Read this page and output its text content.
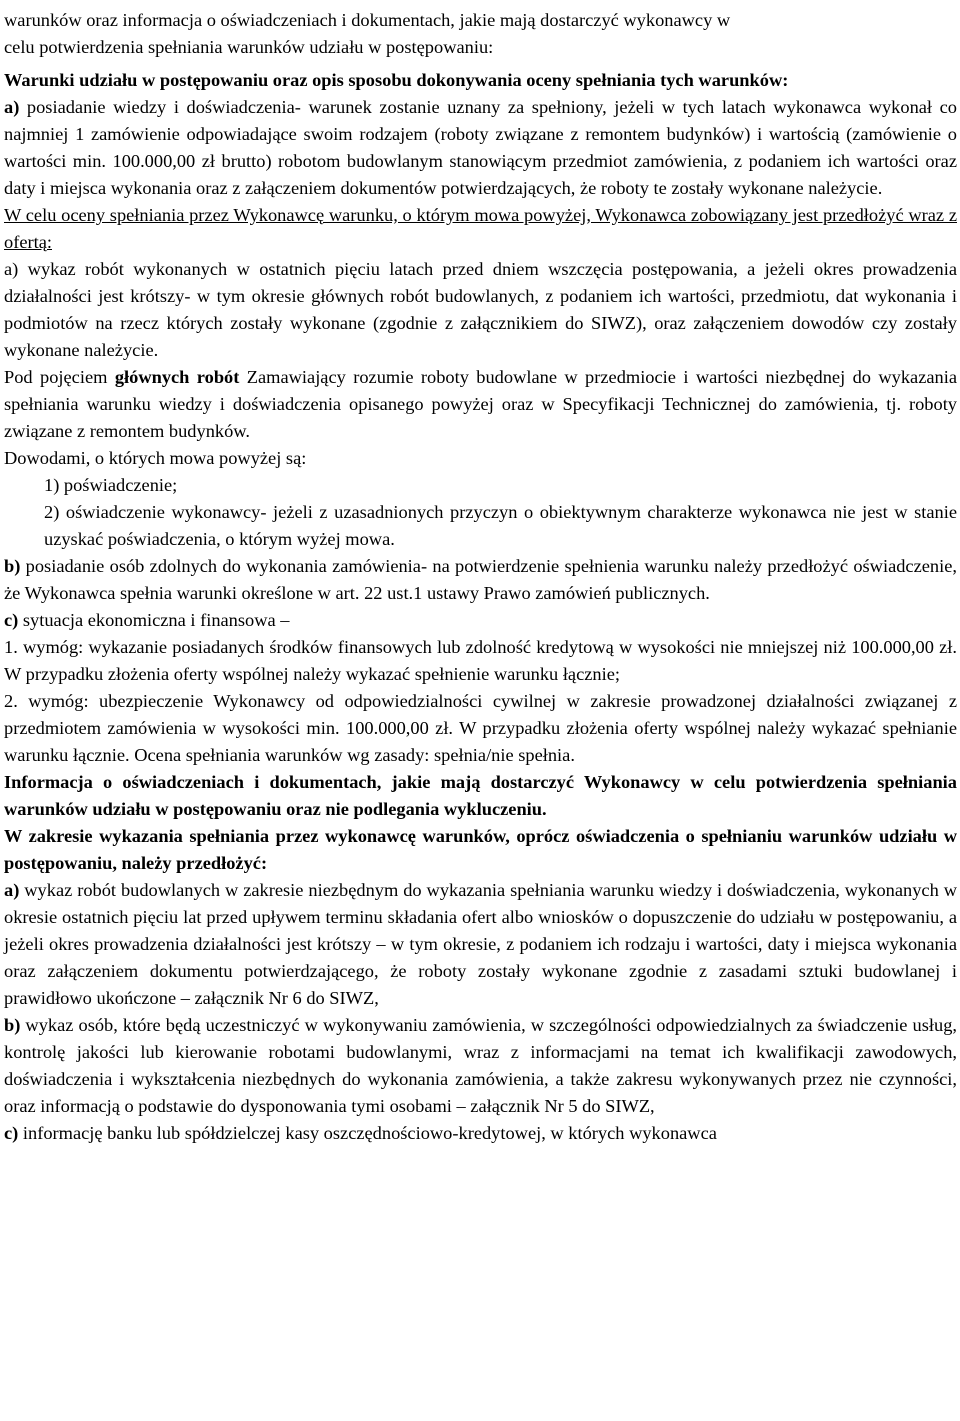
warunków oraz informacja o oświadczeniach i dokumentach, jakie mają dostarczyć wykonawcy w

celu potwierdzenia spełniania warunków udziału w postępowaniu:

Warunki udziału w postępowaniu oraz opis sposobu dokonywania oceny spełniania tych warunków:

a) posiadanie wiedzy i doświadczenia- warunek zostanie uznany za spełniony, jeżeli w tych latach wykonawca wykonał co najmniej 1 zamówienie odpowiadające swoim rodzajem (roboty związane z remontem budynków) i wartością (zamówienie o wartości min. 100.000,00 zł brutto) robotom budowlanym stanowiącym przedmiot zamówienia, z podaniem ich wartości oraz daty i miejsca wykonania oraz z załączeniem dokumentów potwierdzających, że roboty te zostały wykonane należycie.

W celu oceny spełniania przez Wykonawcę warunku, o którym mowa powyżej, Wykonawca zobowiązany jest przedłożyć wraz z ofertą:

a) wykaz robót wykonanych w ostatnich pięciu latach przed dniem wszczęcia postępowania, a jeżeli okres prowadzenia działalności jest krótszy- w tym okresie głównych robót budowlanych, z podaniem ich wartości, przedmiotu, dat wykonania i podmiotów na rzecz których zostały wykonane (zgodnie z załącznikiem do SIWZ), oraz załączeniem dowodów czy zostały wykonane należycie.

Pod pojęciem głównych robót Zamawiający rozumie roboty budowlane w przedmiocie i wartości niezbędnej do wykazania spełniania warunku wiedzy i doświadczenia opisanego powyżej oraz w Specyfikacji Technicznej do zamówienia, tj. roboty związane z remontem budynków.

Dowodami, o których mowa powyżej są:

1) poświadczenie;

2) oświadczenie wykonawcy- jeżeli z uzasadnionych przyczyn o obiektywnym charakterze wykonawca nie jest w stanie uzyskać poświadczenia, o którym wyżej mowa.

b) posiadanie osób zdolnych do wykonania zamówienia- na potwierdzenie spełnienia warunku należy przedłożyć oświadczenie, że Wykonawca spełnia warunki określone w art. 22 ust.1 ustawy Prawo zamówień publicznych.

c) sytuacja ekonomiczna i finansowa –

1. wymóg: wykazanie posiadanych środków finansowych lub zdolność kredytową w wysokości nie mniejszej niż 100.000,00 zł. W przypadku złożenia oferty wspólnej należy wykazać spełnienie warunku łącznie;

2. wymóg: ubezpieczenie Wykonawcy od odpowiedzialności cywilnej w zakresie prowadzonej działalności związanej z przedmiotem zamówienia w wysokości min. 100.000,00 zł. W przypadku złożenia oferty wspólnej należy wykazać spełnianie warunku łącznie. Ocena spełniania warunków wg zasady: spełnia/nie spełnia.

Informacja o oświadczeniach i dokumentach, jakie mają dostarczyć Wykonawcy w celu potwierdzenia spełniania warunków udziału w postępowaniu oraz nie podlegania wykluczeniu.

W zakresie wykazania spełniania przez wykonawcę warunków, oprócz oświadczenia o spełnianiu warunków udziału w postępowaniu, należy przedłożyć:

a) wykaz robót budowlanych w zakresie niezbędnym do wykazania spełniania warunku wiedzy i doświadczenia, wykonanych w okresie ostatnich pięciu lat przed upływem terminu składania ofert albo wniosków o dopuszczenie do udziału w postępowaniu, a jeżeli okres prowadzenia działalności jest krótszy – w tym okresie, z podaniem ich rodzaju i wartości, daty i miejsca wykonania oraz załączeniem dokumentu potwierdzającego, że roboty zostały wykonane zgodnie z zasadami sztuki budowlanej i prawidłowo ukończone – załącznik Nr 6 do SIWZ,

b) wykaz osób, które będą uczestniczyć w wykonywaniu zamówienia, w szczególności odpowiedzialnych za świadczenie usług, kontrolę jakości lub kierowanie robotami budowlanymi, wraz z informacjami na temat ich kwalifikacji zawodowych, doświadczenia i wykształcenia niezbędnych do wykonania zamówienia, a także zakresu wykonywanych przez nie czynności, oraz informacją o podstawie do dysponowania tymi osobami – załącznik Nr 5 do SIWZ,

c) informację banku lub spółdzielczej kasy oszczędnościowo-kredytowej, w których wykonawca
